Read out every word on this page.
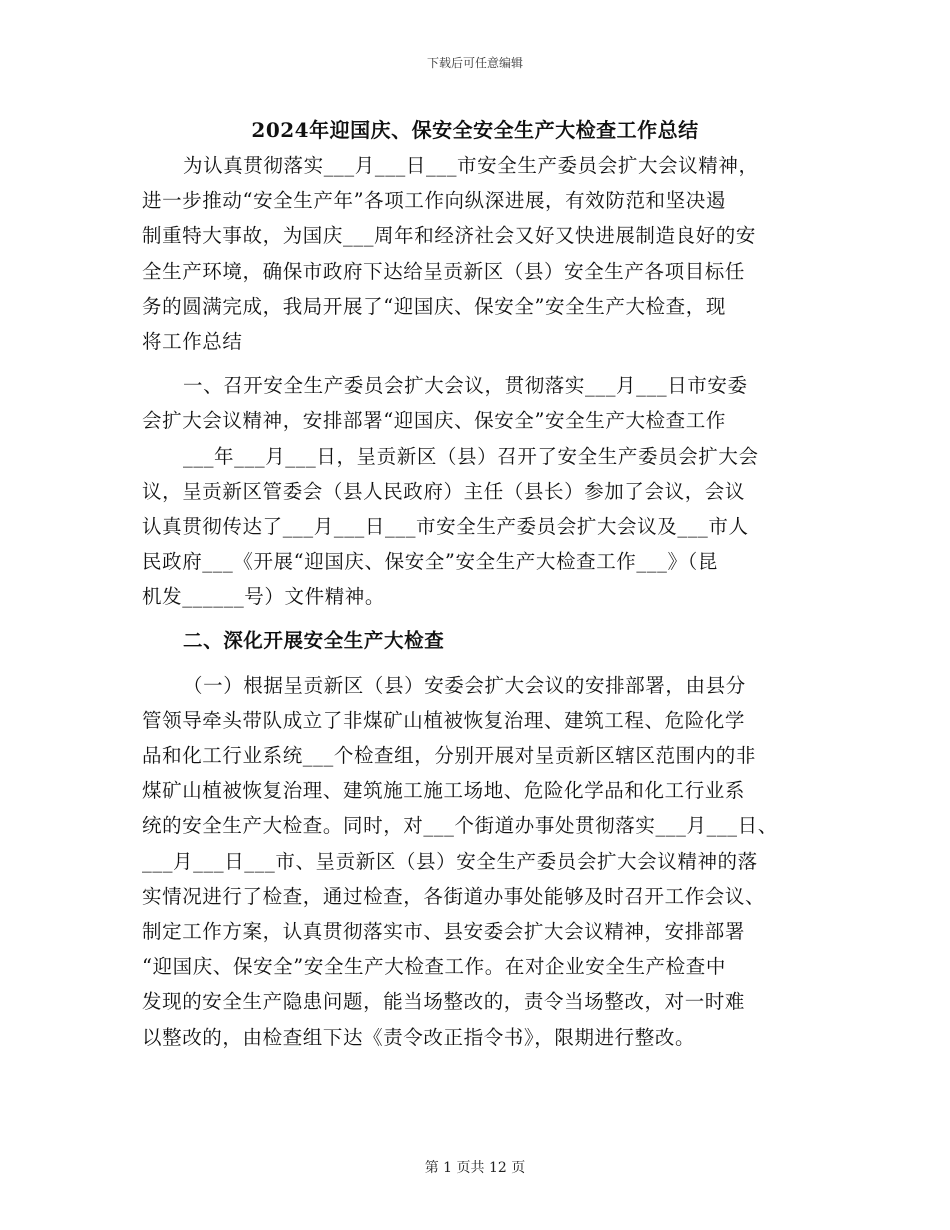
下载后可任意编辑
2024年迎国庆、保安全安全生产大检查工作总结
为认真贯彻落实___月___日___市安全生产委员会扩大会议精神，
进一步推动“安全生产年”各项工作向纵深进展，有效防范和坚决遏
制重特大事故，为国庆___周年和经济社会又好又快进展制造良好的安
全生产环境，确保市政府下达给呈贡新区（县）安全生产各项目标任
务的圆满完成，我局开展了“迎国庆、保安全”安全生产大检查，现
将工作总结
一、召开安全生产委员会扩大会议，贯彻落实___月___日市安委
会扩大会议精神，安排部署“迎国庆、保安全”安全生产大检查工作
___年___月___日，呈贡新区（县）召开了安全生产委员会扩大会
议，呈贡新区管委会（县人民政府）主任（县长）参加了会议，会议
认真贯彻传达了___月___日___市安全生产委员会扩大会议及___市人
民政府___《开展“迎国庆、保安全”安全生产大检查工作___》（昆
机发______号）文件精神。
二、深化开展安全生产大检查
（一）根据呈贡新区（县）安委会扩大会议的安排部署，由县分
管领导牵头带队成立了非煤矿山植被恢复治理、建筑工程、危险化学
品和化工行业系统___个检查组，分别开展对呈贡新区辖区范围内的非
煤矿山植被恢复治理、建筑施工施工场地、危险化学品和化工行业系
统的安全生产大检查。同时，对___个街道办事处贯彻落实___月___日、
___月___日___市、呈贡新区（县）安全生产委员会扩大会议精神的落
实情况进行了检查，通过检查，各街道办事处能够及时召开工作会议、
制定工作方案，认真贯彻落实市、县安委会扩大会议精神，安排部署
“迎国庆、保安全”安全生产大检查工作。在对企业安全生产检查中
发现的安全生产隐患问题，能当场整改的，责令当场整改，对一时难
以整改的，由检查组下达《责令改正指令书》，限期进行整改。
第 1 页共 12 页
